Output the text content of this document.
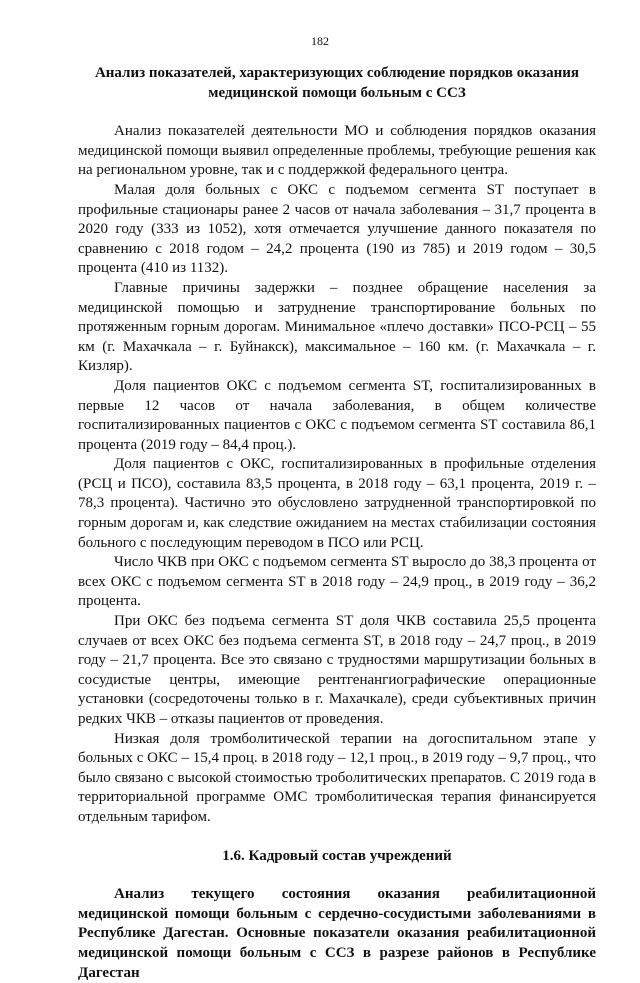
182

Анализ показателей, характеризующих соблюдение порядков оказания медицинской помощи больным с ССЗ

Анализ показателей деятельности МО и соблюдения порядков оказания медицинской помощи выявил определенные проблемы, требующие решения как на региональном уровне, так и с поддержкой федерального центра.

Малая доля больных с ОКС с подъемом сегмента ST поступает в профильные стационары ранее 2 часов от начала заболевания – 31,7 процента в 2020 году (333 из 1052), хотя отмечается улучшение данного показателя по сравнению с 2018 годом – 24,2 процента (190 из 785) и 2019 годом – 30,5 процента (410 из 1132).

Главные причины задержки – позднее обращение населения за медицинской помощью и затруднение транспортирование больных по протяженным горным дорогам. Минимальное «плечо доставки» ПСО-РСЦ – 55 км (г. Махачкала – г. Буйнакск), максимальное – 160 км. (г. Махачкала – г. Кизляр).

Доля пациентов ОКС с подъемом сегмента ST, госпитализированных в первые 12 часов от начала заболевания, в общем количестве госпитализированных пациентов с ОКС с подъемом сегмента ST составила 86,1 процента (2019 году – 84,4 проц.).

Доля пациентов с ОКС, госпитализированных в профильные отделения (РСЦ и ПСО), составила 83,5 процента, в 2018 году – 63,1 процента, 2019 г. – 78,3 процента). Частично это обусловлено затрудненной транспортировкой по горным дорогам и, как следствие ожиданием на местах стабилизации состояния больного с последующим переводом в ПСО или РСЦ.

Число ЧКВ при ОКС с подъемом сегмента ST выросло до 38,3 процента от всех ОКС с подъемом сегмента ST в 2018 году – 24,9 проц., в 2019 году – 36,2 процента.

При ОКС без подъема сегмента ST доля ЧКВ составила 25,5 процента случаев от всех ОКС без подъема сегмента ST, в 2018 году – 24,7 проц., в 2019 году – 21,7 процента. Все это связано с трудностями маршрутизации больных в сосудистые центры, имеющие рентгенангиографические операционные установки (сосредоточены только в г. Махачкале), среди субъективных причин редких ЧКВ – отказы пациентов от проведения.

Низкая доля тромболитической терапии на догоспитальном этапе у больных с ОКС – 15,4 проц. в 2018 году – 12,1 проц., в 2019 году – 9,7 проц., что было связано с высокой стоимостью троболитических препаратов. С 2019 года в территориальной программе ОМС тромболитическая терапия финансируется отдельным тарифом.

1.6. Кадровый состав учреждений

Анализ текущего состояния оказания реабилитационной медицинской помощи больным с сердечно-сосудистыми заболеваниями в Республике Дагестан. Основные показатели оказания реабилитационной медицинской помощи больным с ССЗ в разрезе районов в Республике Дагестан
